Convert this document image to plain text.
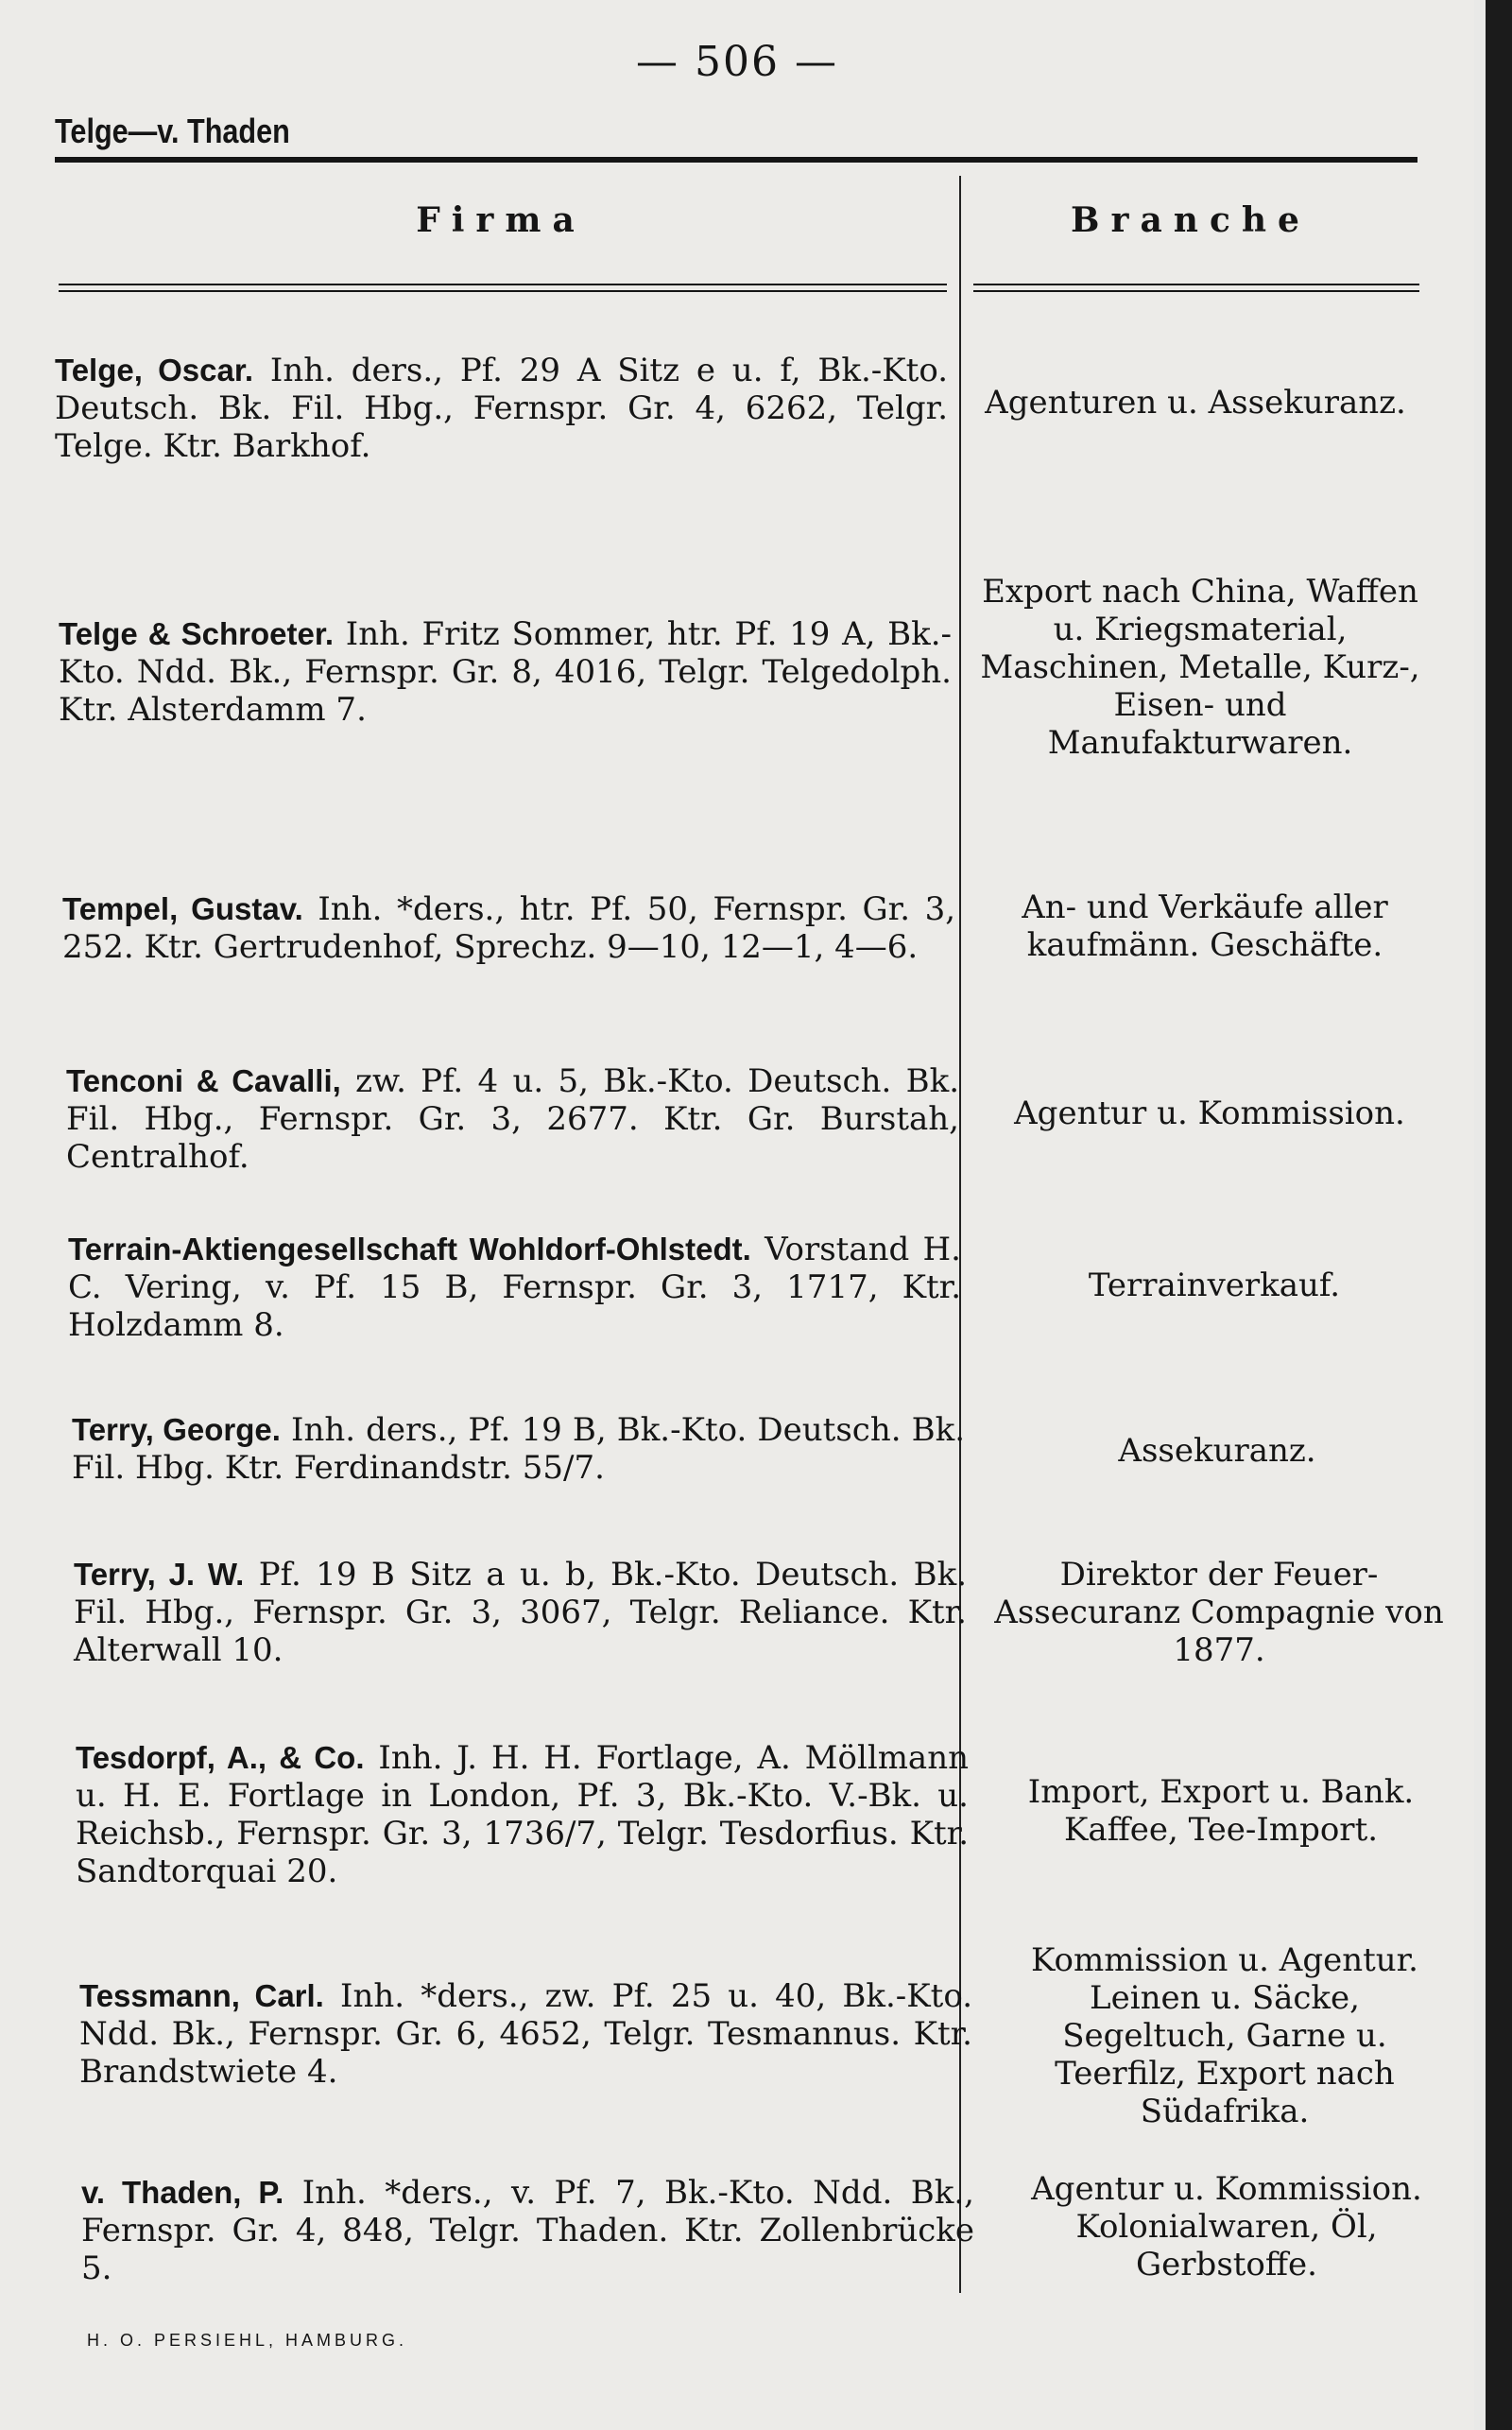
— 506 —
Telge—v. Thaden
Firma	Branche
Telge, Oscar. Inh. ders., Pf. 29 A Sitz e u. f, Bk.-Kto. Deutsch. Bk. Fil. Hbg., Fernspr. Gr. 4, 6262, Telgr. Telge. Ktr. Barkhof.
Agenturen u. Assekuranz.
Telge & Schroeter. Inh. Fritz Sommer, htr. Pf. 19 A, Bk.-Kto. Ndd. Bk., Fernspr. Gr. 8, 4016, Telgr. Telgedolph. Ktr. Alsterdamm 7.
Export nach China, Waffen u. Kriegsmaterial, Maschinen, Metalle, Kurz-, Eisen- und Manufakturwaren.
Tempel, Gustav. Inh. *ders., htr. Pf. 50, Fernspr. Gr. 3, 252. Ktr. Gertrudenhof, Sprechz. 9—10, 12—1, 4—6.
An- und Verkäufe aller kaufmänn. Geschäfte.
Tenconi & Cavalli, zw. Pf. 4 u. 5, Bk.-Kto. Deutsch. Bk. Fil. Hbg., Fernspr. Gr. 3, 2677. Ktr. Gr. Burstah, Centralhof.
Agentur u. Kommission.
Terrain-Aktiengesellschaft Wohldorf-Ohlstedt. Vorstand H. C. Vering, v. Pf. 15 B, Fernspr. Gr. 3, 1717, Ktr. Holzdamm 8.
Terrainverkauf.
Terry, George. Inh. ders., Pf. 19 B, Bk.-Kto. Deutsch. Bk. Fil. Hbg. Ktr. Ferdinandstr. 55/7.	Assekuranz.
Terry, J. W. Pf. 19 B Sitz a u. b, Bk.-Kto. Deutsch. Bk. Fil. Hbg., Fernspr. Gr. 3, 3067, Telgr. Reliance. Ktr. Alterwall 10.
Direktor der Feuer-Assecuranz Compagnie von 1877.
Tesdorpf, A., & Co. Inh. J. H. H. Fortlage, A. Möllmann u. H. E. Fortlage in London, Pf. 3, Bk.-Kto. V.-Bk. u. Reichsb., Fernspr. Gr. 3, 1736/7, Telgr. Tesdorfius. Ktr. Sandtorquai 20.
Import, Export u. Bank. Kaffee, Tee-Import.
Tessmann, Carl. Inh. *ders., zw. Pf. 25 u. 40, Bk.-Kto. Ndd. Bk., Fernspr. Gr. 6, 4652, Telgr. Tesmannus. Ktr. Brandstwiete 4.
Kommission u. Agentur. Leinen u. Säcke, Segeltuch, Garne u. Teerfilz, Export nach Südafrika.
v. Thaden, P. Inh. *ders., v. Pf. 7, Bk.-Kto. Ndd. Bk., Fernspr. Gr. 4, 848, Telgr. Thaden. Ktr. Zollenbrücke 5.
Agentur u. Kommission. Kolonialwaren, Öl, Gerbstoffe.
H. O. PERSIEHL, HAMBURG.
